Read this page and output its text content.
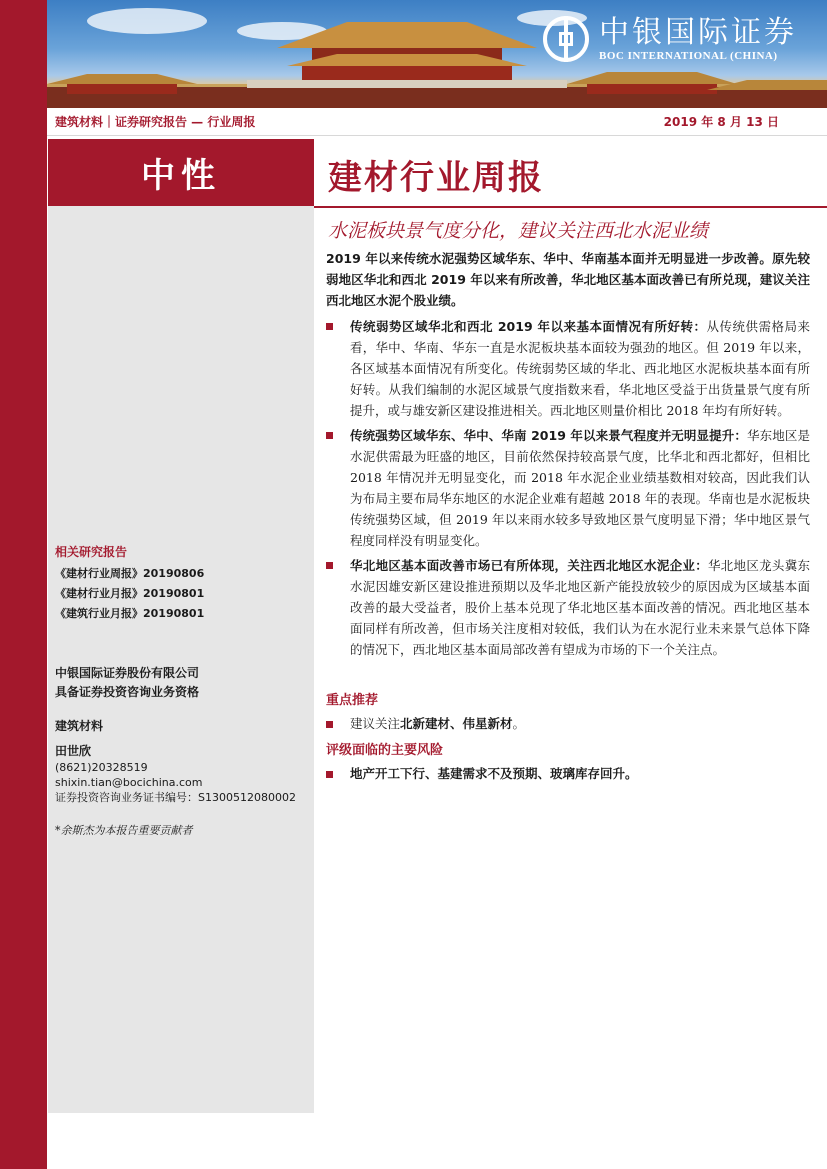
中银国际证券
BOC INTERNATIONAL (CHINA)
建筑材料｜证券研究报告 — 行业周报	2019 年 8 月 13 日
中性	建材行业周报
水泥板块景气度分化，建议关注西北水泥业绩
2019 年以来传统水泥强势区域华东、华中、华南基本面并无明显进一步改善。原先较弱地区华北和西北 2019 年以来有所改善，华北地区基本面改善已有所兑现，建议关注西北地区水泥个股业绩。
传统弱势区域华北和西北 2019 年以来基本面情况有所好转：从传统供需格局来看，华中、华南、华东一直是水泥板块基本面较为强劲的地区。但 2019 年以来，各区域基本面情况有所变化。传统弱势区域的华北、西北地区水泥板块基本面有所好转。从我们编制的水泥区域景气度指数来看，华北地区受益于出货量景气度有所提升，或与雄安新区建设推进相关。西北地区则量价相比 2018 年均有所好转。
传统强势区域华东、华中、华南 2019 年以来景气程度并无明显提升：华东地区是水泥供需最为旺盛的地区，目前依然保持较高景气度，比华北和西北都好，但相比 2018 年情况并无明显变化，而 2018 年水泥企业业绩基数相对较高，因此我们认为布局主要布局华东地区的水泥企业难有超越 2018 年的表现。华南也是水泥板块传统强势区域，但 2019 年以来雨水较多导致地区景气度明显下滑；华中地区景气程度同样没有明显变化。
华北地区基本面改善市场已有所体现，关注西北地区水泥企业：华北地区龙头冀东水泥因雄安新区建设推进预期以及华北地区新产能投放较少的原因成为区域基本面改善的最大受益者，股价上基本兑现了华北地区基本面改善的情况。西北地区基本面同样有所改善，但市场关注度相对较低，我们认为在水泥行业未来景气总体下降的情况下，西北地区基本面局部改善有望成为市场的下一个关注点。
重点推荐
建议关注北新建材、伟星新材。
评级面临的主要风险
地产开工下行、基建需求不及预期、玻璃库存回升。
相关研究报告
《建材行业周报》20190806
《建材行业月报》20190801
《建筑行业月报》20190801
中银国际证券股份有限公司
具备证券投资咨询业务资格
建筑材料
田世欣
(8621)20328519
shixin.tian@bocichina.com
证券投资咨询业务证书编号：S1300512080002
*余斯杰为本报告重要贡献者
